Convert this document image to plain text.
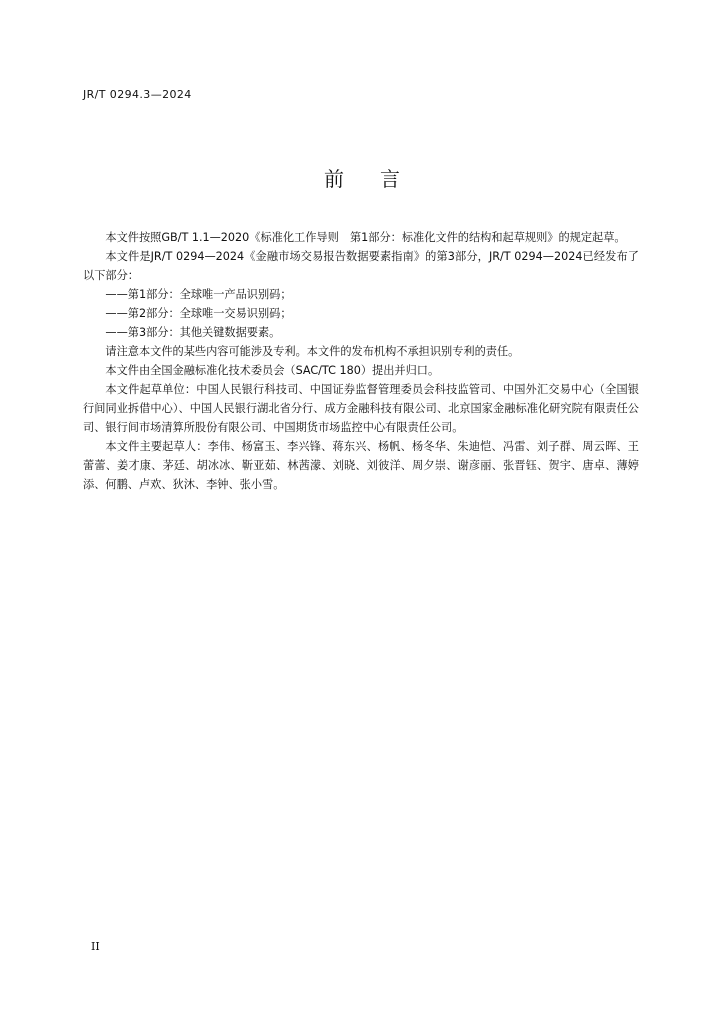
JR/T 0294.3—2024
前 言

本文件按照GB/T 1.1—2020《标准化工作导则　第1部分：标准化文件的结构和起草规则》的规定起草。

本文件是JR/T 0294—2024《金融市场交易报告数据要素指南》的第3部分，JR/T 0294—2024已经发布了以下部分：

——第1部分：全球唯一产品识别码；

——第2部分：全球唯一交易识别码；

——第3部分：其他关键数据要素。

请注意本文件的某些内容可能涉及专利。本文件的发布机构不承担识别专利的责任。

本文件由全国金融标准化技术委员会（SAC/TC 180）提出并归口。

本文件起草单位：中国人民银行科技司、中国证券监督管理委员会科技监管司、中国外汇交易中心（全国银行间同业拆借中心）、中国人民银行湖北省分行、成方金融科技有限公司、北京国家金融标准化研究院有限责任公司、银行间市场清算所股份有限公司、中国期货市场监控中心有限责任公司。

本文件主要起草人：李伟、杨富玉、李兴锋、蒋东兴、杨帆、杨冬华、朱迪恺、冯雷、刘子群、周云晖、王蕾蕾、姜才康、茅廷、胡冰冰、靳亚茹、林茜濛、刘晓、刘彼洋、周夕崇、谢彦丽、张晋钰、贺宇、唐卓、薄婷添、何鹏、卢欢、狄沐、李钟、张小雪。

II
